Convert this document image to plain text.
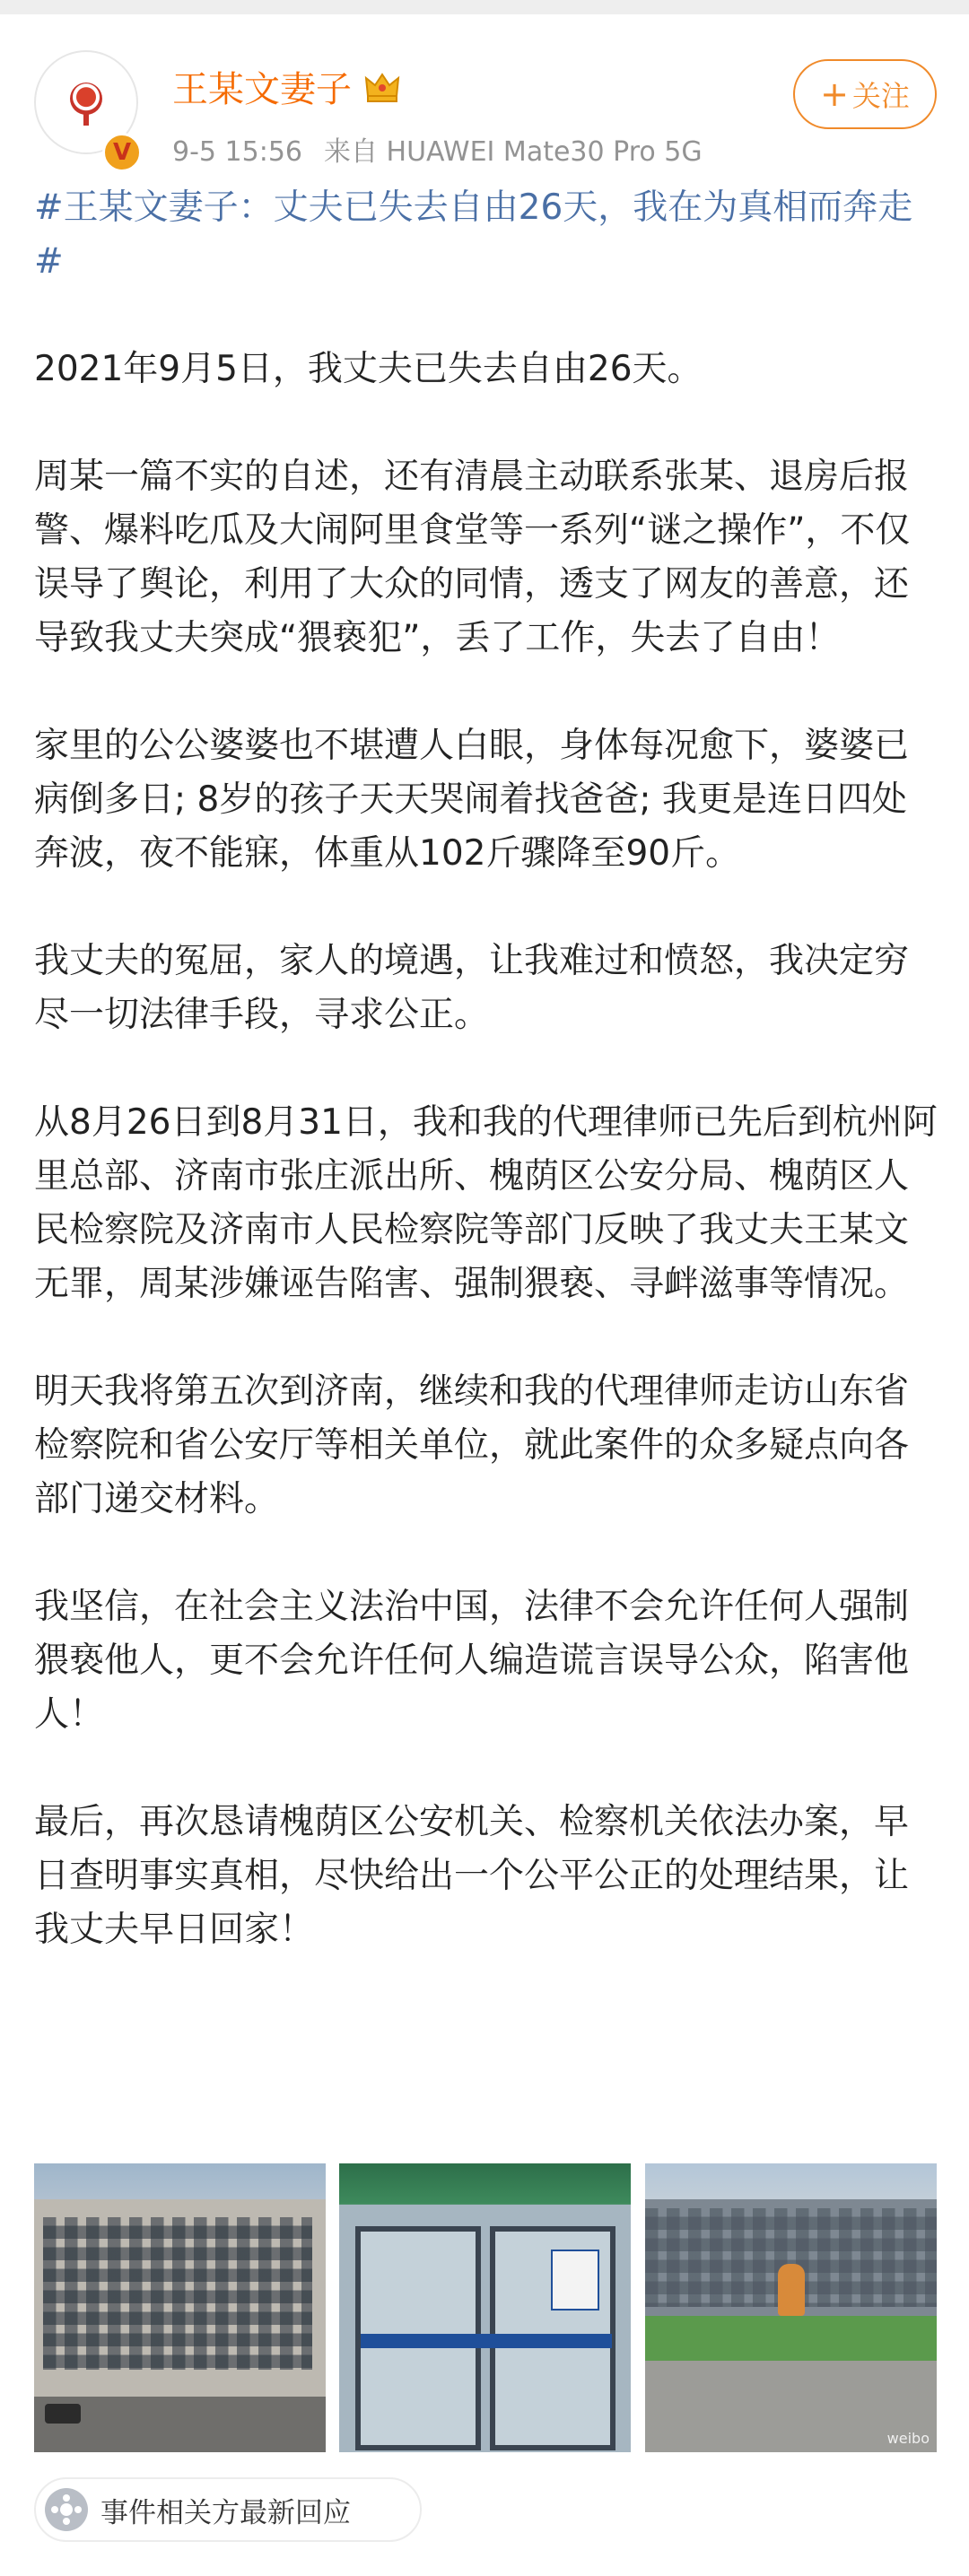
V
王某文妻子
9-5 15:56 来自 HUAWEI Mate30 Pro 5G
+ 关注

#王某文妻子：丈夫已失去自由26天，我在为真相而奔走#

2021年9月5日，我丈夫已失去自由26天。

周某一篇不实的自述，还有清晨主动联系张某、退房后报警、爆料吃瓜及大闹阿里食堂等一系列“谜之操作”，不仅误导了舆论，利用了大众的同情，透支了网友的善意，还导致我丈夫突成“猥亵犯”，丢了工作，失去了自由！

家里的公公婆婆也不堪遭人白眼，身体每况愈下，婆婆已病倒多日; 8岁的孩子天天哭闹着找爸爸; 我更是连日四处奔波，夜不能寐，体重从102斤骤降至90斤。

我丈夫的冤屈，家人的境遇，让我难过和愤怒，我决定穷尽一切法律手段，寻求公正。

从8月26日到8月31日，我和我的代理律师已先后到杭州阿里总部、济南市张庄派出所、槐荫区公安分局、槐荫区人民检察院及济南市人民检察院等部门反映了我丈夫王某文无罪，周某涉嫌诬告陷害、强制猥亵、寻衅滋事等情况。

明天我将第五次到济南，继续和我的代理律师走访山东省检察院和省公安厅等相关单位，就此案件的众多疑点向各部门递交材料。

我坚信，在社会主义法治中国，法律不会允许任何人强制猥亵他人，更不会允许任何人编造谎言误导公众，陷害他人！

最后，再次恳请槐荫区公安机关、检察机关依法办案，早日查明事实真相，尽快给出一个公平公正的处理结果，让我丈夫早日回家！

weibo
事件相关方最新回应
